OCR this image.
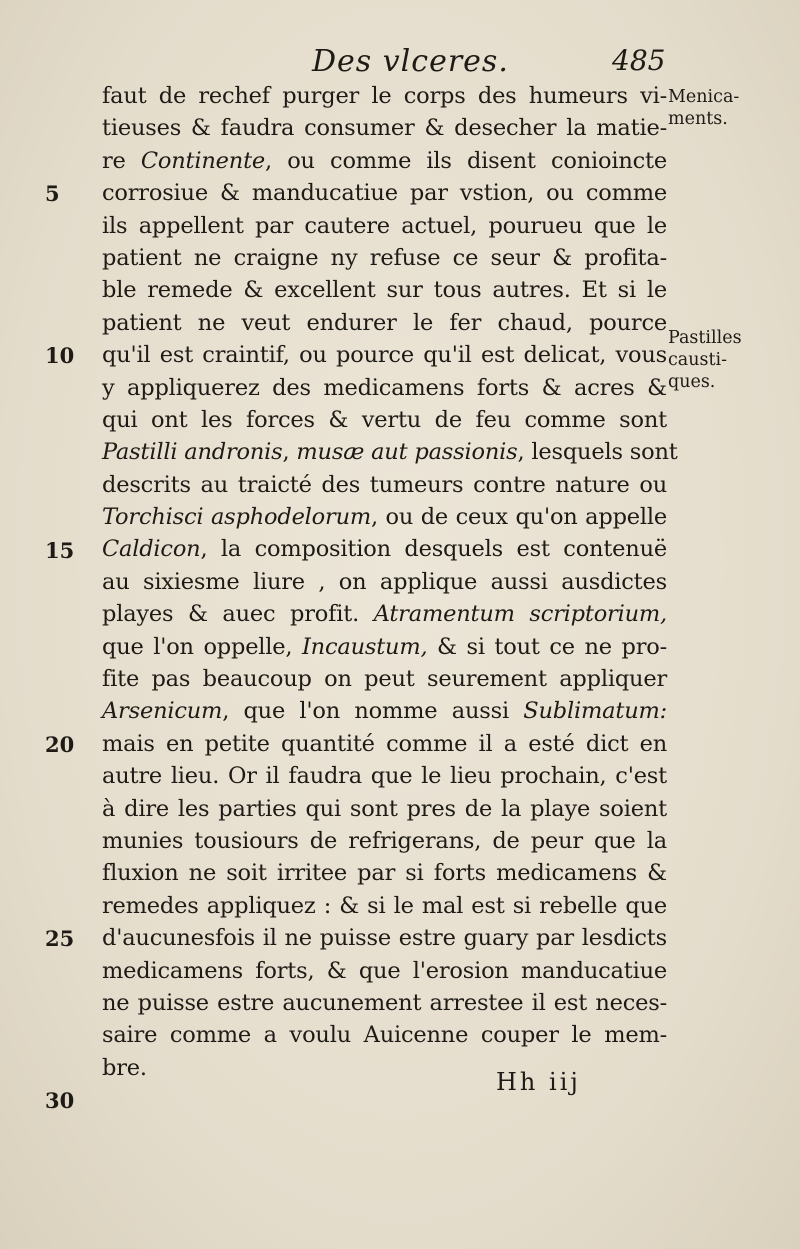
Des vlceres.	485
faut de rechef purger le corps des humeurs vi-
tieuses & faudra consumer & desecher la matie-
re Continente, ou comme ils disent conioincte
corrosiue & manducatiue par vstion, ou comme
ils appellent par cautere actuel, pourueu que le
patient ne craigne ny refuse ce seur & profita-
ble remede & excellent sur tous autres. Et si le
patient ne veut endurer le fer chaud, pource
qu'il est craintif, ou pource qu'il est delicat, vous
y appliquerez des medicamens forts & acres &
qui ont les forces & vertu de feu comme sont
Pastilli andronis, musæ aut passionis, lesquels sont
descrits au traicté des tumeurs contre nature ou
Torchisci asphodelorum, ou de ceux qu'on appelle
Caldicon, la composition desquels est contenuë
au sixiesme liure , on applique aussi ausdictes
playes & auec profit. Atramentum scriptorium,
que l'on oppelle, Incaustum, & si tout ce ne pro-
fite pas beaucoup on peut seurement appliquer
Arsenicum, que l'on nomme aussi Sublimatum:
mais en petite quantité comme il a esté dict en
autre lieu. Or il faudra que le lieu prochain, c'est
à dire les parties qui sont pres de la playe soient
munies tousiours de refrigerans, de peur que la
fluxion ne soit irritee par si forts medicamens &
remedes appliquez : & si le mal est si rebelle que
d'aucunesfois il ne puisse estre guary par lesdicts
medicamens forts, & que l'erosion manducatiue
ne puisse estre aucunement arrestee il est neces-
saire comme a voulu Auicenne couper le mem-
bre.
5
10
15
20
25
30
Menica-
ments.
Pastilles
causti-
ques.
Hh iij
